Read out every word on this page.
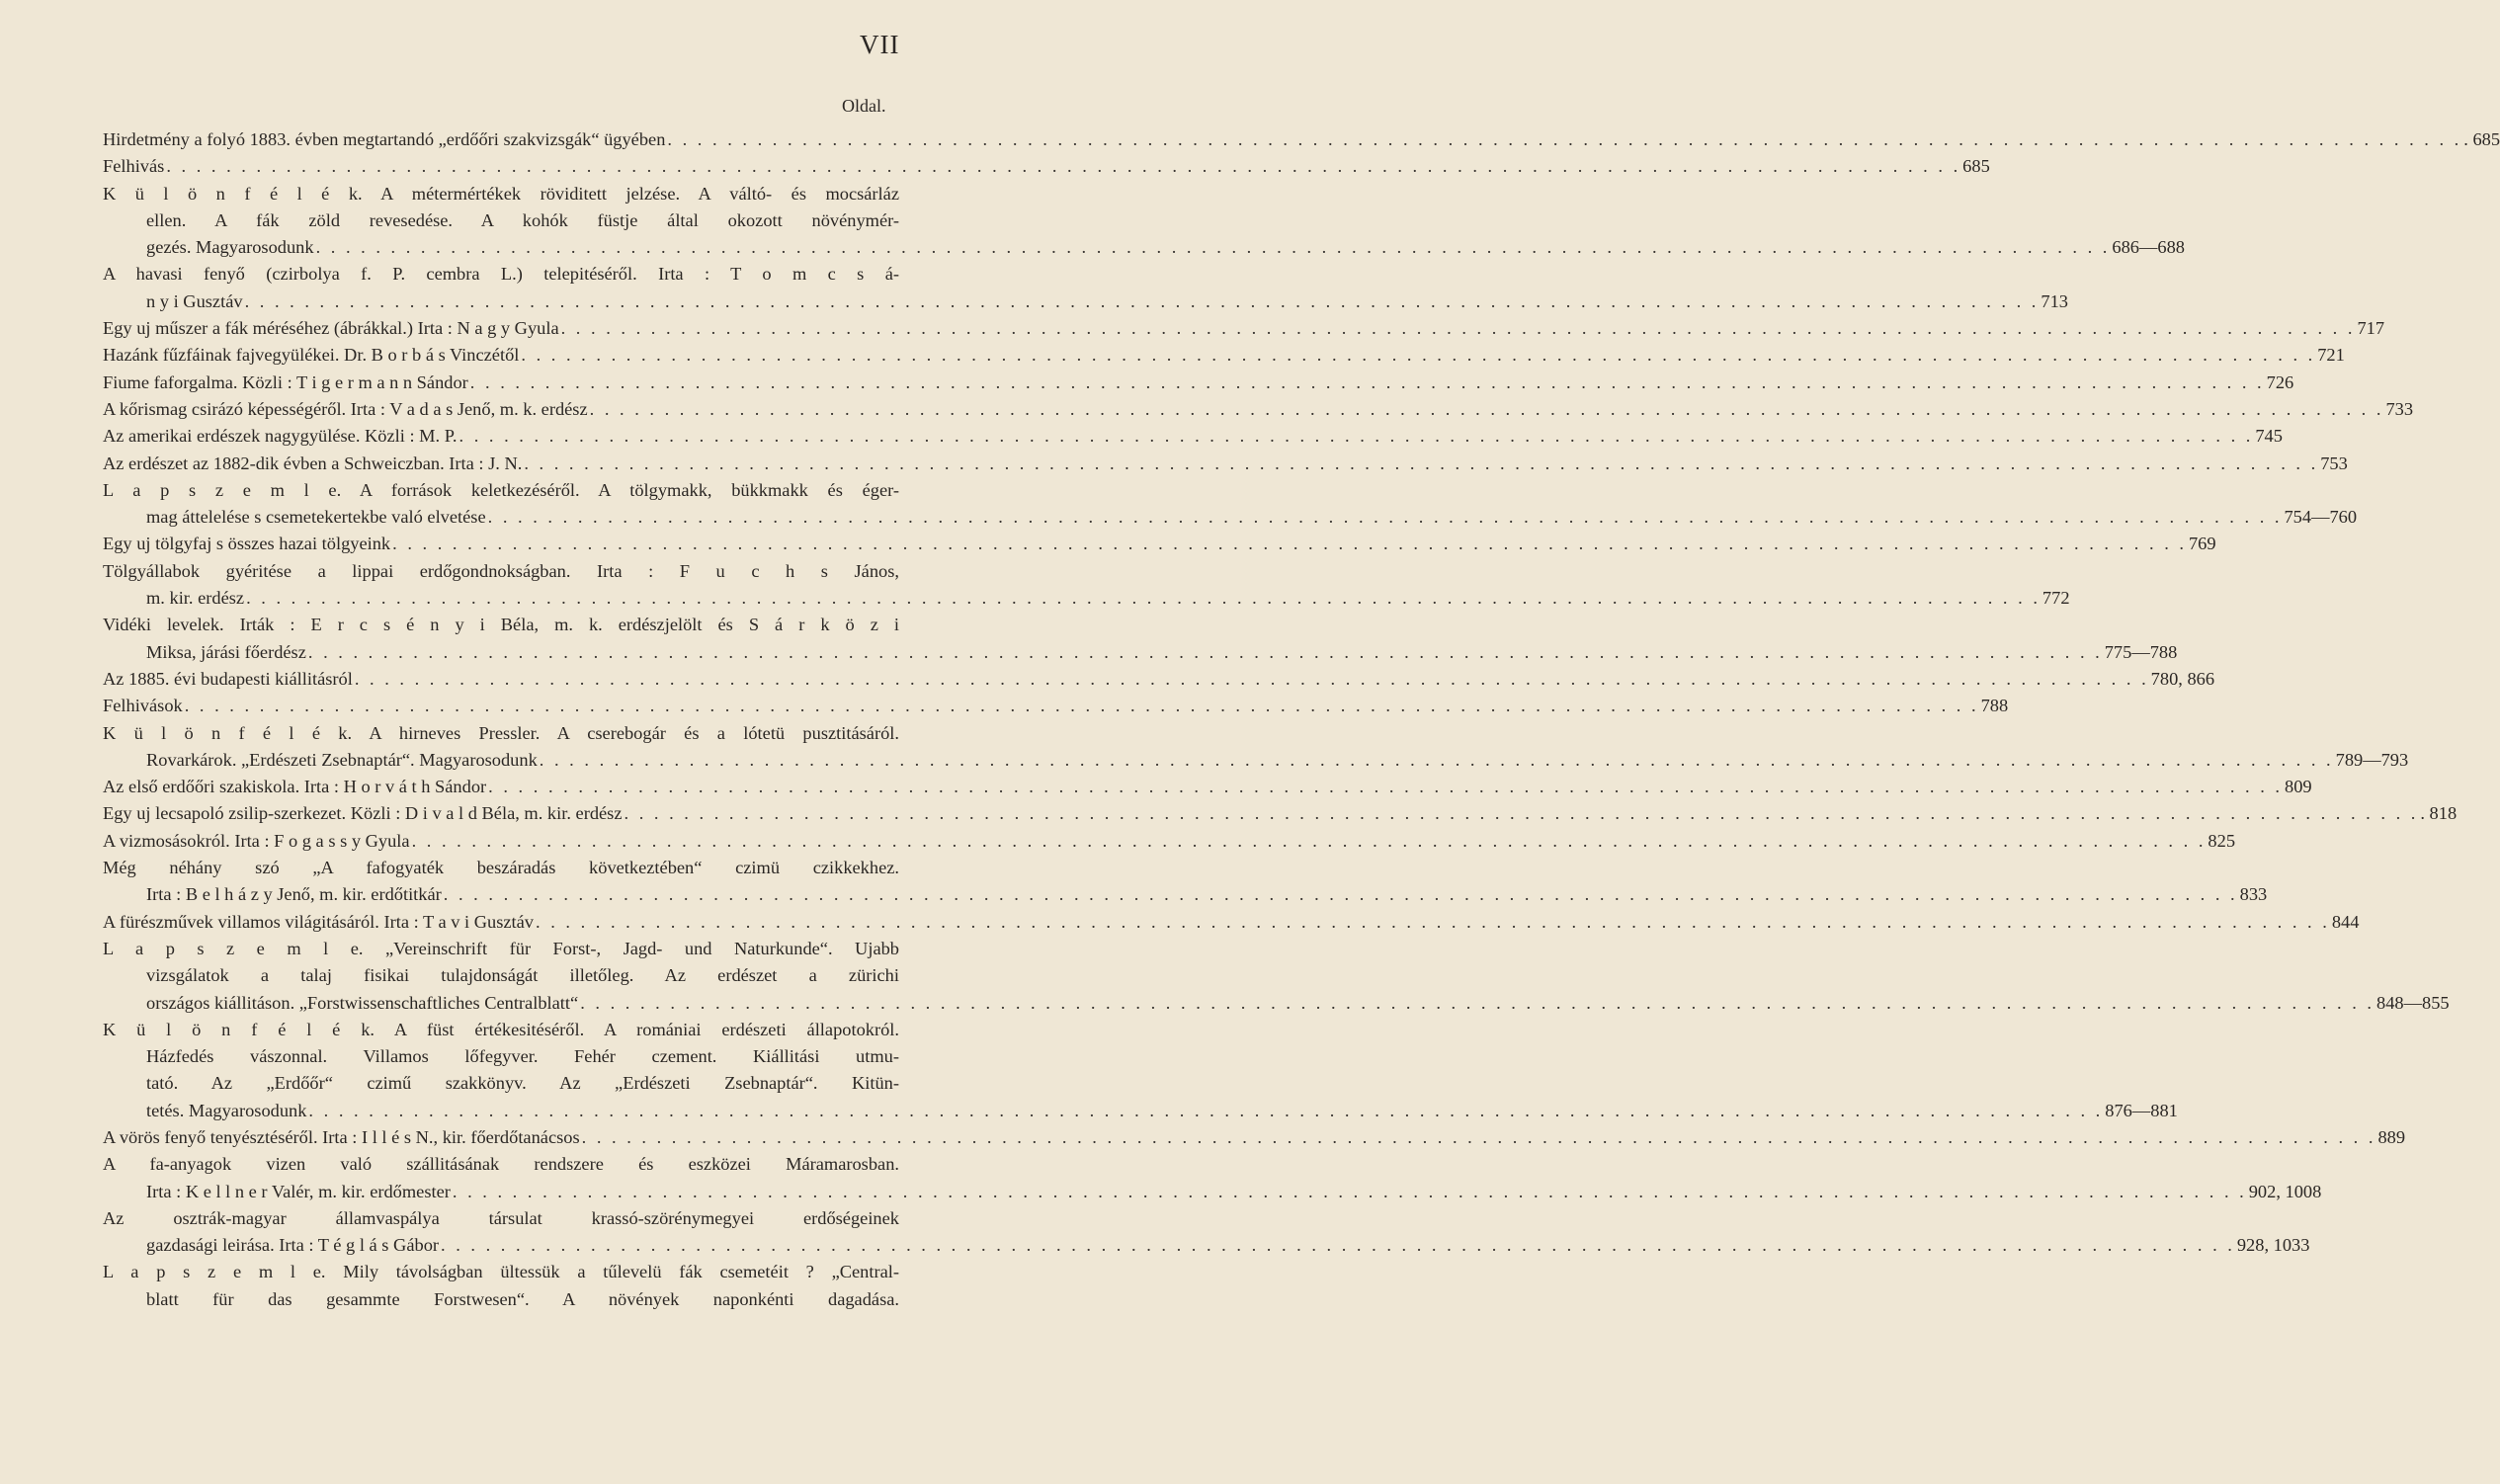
VII
Oldal.

Hirdetmény a folyó 1883. évben megtartandó „erdőőri szakvizsgák“ ügyében . . . . . . . . . . . . . . . . . . . . . . . . . . . . . . . . . . . . . . . . . . . . . . . . . . . . . . . . . . . . . . . . . . . . . . . . . . . . . . . . . . . . . . . . . . . . . . . . . . . . . . . . . . . . . . . . . . . . . . . . . 685

Felhivás . . . . . . . . . . . . . . . . . . . . . . . . . . . . . . . . . . . . . . . . . . . . . . . . . . . . . . . . . . . . . . . . . . . . . . . . . . . . . . . . . . . . . . . . . . . . . . . . . . . . . . . . . . . . . . . . . . . . . . . . 685

K ü l ö n f é l é k. A métermértékek röviditett jelzése. A váltó- és mocsárláz

ellen. A fák zöld revesedése. A kohók füstje által okozott növénymér-

gezés. Magyarosodunk . . . . . . . . . . . . . . . . . . . . . . . . . . . . . . . . . . . . . . . . . . . . . . . . . . . . . . . . . . . . . . . . . . . . . . . . . . . . . . . . . . . . . . . . . . . . . . . . . . . . . . . . . . . . . . . . . . . . . . . . 686—688

A havasi fenyő (czirbolya f. P. cembra L.) telepitéséről. Irta : T o m c s á-

n y i Gusztáv . . . . . . . . . . . . . . . . . . . . . . . . . . . . . . . . . . . . . . . . . . . . . . . . . . . . . . . . . . . . . . . . . . . . . . . . . . . . . . . . . . . . . . . . . . . . . . . . . . . . . . . . . . . . . . . . . . . . . . . . 713

Egy uj műszer a fák méréséhez (ábrákkal.) Irta : N a g y Gyula . . . . . . . . . . . . . . . . . . . . . . . . . . . . . . . . . . . . . . . . . . . . . . . . . . . . . . . . . . . . . . . . . . . . . . . . . . . . . . . . . . . . . . . . . . . . . . . . . . . . . . . . . . . . . . . . . . . . . . . . 717

Hazánk fűzfáinak fajvegyülékei. Dr. B o r b á s Vinczétől . . . . . . . . . . . . . . . . . . . . . . . . . . . . . . . . . . . . . . . . . . . . . . . . . . . . . . . . . . . . . . . . . . . . . . . . . . . . . . . . . . . . . . . . . . . . . . . . . . . . . . . . . . . . . . . . . . . . . . . . 721

Fiume faforgalma. Közli : T i g e r m a n n Sándor . . . . . . . . . . . . . . . . . . . . . . . . . . . . . . . . . . . . . . . . . . . . . . . . . . . . . . . . . . . . . . . . . . . . . . . . . . . . . . . . . . . . . . . . . . . . . . . . . . . . . . . . . . . . . . . . . . . . . . . . 726

A kőrismag csirázó képességéről. Irta : V a d a s Jenő, m. k. erdész . . . . . . . . . . . . . . . . . . . . . . . . . . . . . . . . . . . . . . . . . . . . . . . . . . . . . . . . . . . . . . . . . . . . . . . . . . . . . . . . . . . . . . . . . . . . . . . . . . . . . . . . . . . . . . . . . . . . . . . . 733

Az amerikai erdészek nagygyülése. Közli : M. P. . . . . . . . . . . . . . . . . . . . . . . . . . . . . . . . . . . . . . . . . . . . . . . . . . . . . . . . . . . . . . . . . . . . . . . . . . . . . . . . . . . . . . . . . . . . . . . . . . . . . . . . . . . . . . . . . . . . . . . . . 745

Az erdészet az 1882-dik évben a Schweiczban. Irta : J. N. . . . . . . . . . . . . . . . . . . . . . . . . . . . . . . . . . . . . . . . . . . . . . . . . . . . . . . . . . . . . . . . . . . . . . . . . . . . . . . . . . . . . . . . . . . . . . . . . . . . . . . . . . . . . . . . . . . . . . . . . 753

L a p s z e m l e. A források keletkezéséről. A tölgymakk, bükkmakk és éger-

mag áttelelése s csemetekertekbe való elvetése . . . . . . . . . . . . . . . . . . . . . . . . . . . . . . . . . . . . . . . . . . . . . . . . . . . . . . . . . . . . . . . . . . . . . . . . . . . . . . . . . . . . . . . . . . . . . . . . . . . . . . . . . . . . . . . . . . . . . . . . 754—760

Egy uj tölgyfaj s összes hazai tölgyeink . . . . . . . . . . . . . . . . . . . . . . . . . . . . . . . . . . . . . . . . . . . . . . . . . . . . . . . . . . . . . . . . . . . . . . . . . . . . . . . . . . . . . . . . . . . . . . . . . . . . . . . . . . . . . . . . . . . . . . . . 769

Tölgyállabok gyéritése a lippai erdőgondnokságban. Irta : F u c h s János,

m. kir. erdész . . . . . . . . . . . . . . . . . . . . . . . . . . . . . . . . . . . . . . . . . . . . . . . . . . . . . . . . . . . . . . . . . . . . . . . . . . . . . . . . . . . . . . . . . . . . . . . . . . . . . . . . . . . . . . . . . . . . . . . . 772

Vidéki levelek. Irták : E r c s é n y i Béla, m. k. erdészjelölt és S á r k ö z i

Miksa, járási főerdész . . . . . . . . . . . . . . . . . . . . . . . . . . . . . . . . . . . . . . . . . . . . . . . . . . . . . . . . . . . . . . . . . . . . . . . . . . . . . . . . . . . . . . . . . . . . . . . . . . . . . . . . . . . . . . . . . . . . . . . . 775—788

Az 1885. évi budapesti kiállitásról . . . . . . . . . . . . . . . . . . . . . . . . . . . . . . . . . . . . . . . . . . . . . . . . . . . . . . . . . . . . . . . . . . . . . . . . . . . . . . . . . . . . . . . . . . . . . . . . . . . . . . . . . . . . . . . . . . . . . . . . 780, 866

Felhivások . . . . . . . . . . . . . . . . . . . . . . . . . . . . . . . . . . . . . . . . . . . . . . . . . . . . . . . . . . . . . . . . . . . . . . . . . . . . . . . . . . . . . . . . . . . . . . . . . . . . . . . . . . . . . . . . . . . . . . . . 788

K ü l ö n f é l é k. A hirneves Pressler. A cserebogár és a lótetü pusztitásáról.

Rovarkárok. „Erdészeti Zsebnaptár“. Magyarosodunk . . . . . . . . . . . . . . . . . . . . . . . . . . . . . . . . . . . . . . . . . . . . . . . . . . . . . . . . . . . . . . . . . . . . . . . . . . . . . . . . . . . . . . . . . . . . . . . . . . . . . . . . . . . . . . . . . . . . . . . . 789—793

Az első erdőőri szakiskola. Irta : H o r v á t h Sándor . . . . . . . . . . . . . . . . . . . . . . . . . . . . . . . . . . . . . . . . . . . . . . . . . . . . . . . . . . . . . . . . . . . . . . . . . . . . . . . . . . . . . . . . . . . . . . . . . . . . . . . . . . . . . . . . . . . . . . . . 809

Egy uj lecsapoló zsilip-szerkezet. Közli : D i v a l d Béla, m. kir. erdész . . . . . . . . . . . . . . . . . . . . . . . . . . . . . . . . . . . . . . . . . . . . . . . . . . . . . . . . . . . . . . . . . . . . . . . . . . . . . . . . . . . . . . . . . . . . . . . . . . . . . . . . . . . . . . . . . . . . . . . . . 818

A vizmosásokról. Irta : F o g a s s y Gyula . . . . . . . . . . . . . . . . . . . . . . . . . . . . . . . . . . . . . . . . . . . . . . . . . . . . . . . . . . . . . . . . . . . . . . . . . . . . . . . . . . . . . . . . . . . . . . . . . . . . . . . . . . . . . . . . . . . . . . . . 825

Még néhány szó „A fafogyaték beszáradás következtében“ czimü czikkekhez.

Irta : B e l h á z y Jenő, m. kir. erdőtitkár . . . . . . . . . . . . . . . . . . . . . . . . . . . . . . . . . . . . . . . . . . . . . . . . . . . . . . . . . . . . . . . . . . . . . . . . . . . . . . . . . . . . . . . . . . . . . . . . . . . . . . . . . . . . . . . . . . . . . . . . 833

A fürészművek villamos világitásáról. Irta : T a v i Gusztáv . . . . . . . . . . . . . . . . . . . . . . . . . . . . . . . . . . . . . . . . . . . . . . . . . . . . . . . . . . . . . . . . . . . . . . . . . . . . . . . . . . . . . . . . . . . . . . . . . . . . . . . . . . . . . . . . . . . . . . . . 844

L a p s z e m l e. „Vereinschrift für Forst-, Jagd- und Naturkunde“. Ujabb

vizsgálatok a talaj fisikai tulajdonságát illetőleg. Az erdészet a zürichi

országos kiállitáson. „Forstwissenschaftliches Centralblatt“ . . . . . . . . . . . . . . . . . . . . . . . . . . . . . . . . . . . . . . . . . . . . . . . . . . . . . . . . . . . . . . . . . . . . . . . . . . . . . . . . . . . . . . . . . . . . . . . . . . . . . . . . . . . . . . . . . . . . . . . . 848—855

K ü l ö n f é l é k. A füst értékesitéséről. A romániai erdészeti állapotokról.

Házfedés vászonnal. Villamos lőfegyver. Fehér czement. Kiállitási utmu-

tató. Az „Erdőőr“ czimű szakkönyv. Az „Erdészeti Zsebnaptár“. Kitün-

tetés. Magyarosodunk . . . . . . . . . . . . . . . . . . . . . . . . . . . . . . . . . . . . . . . . . . . . . . . . . . . . . . . . . . . . . . . . . . . . . . . . . . . . . . . . . . . . . . . . . . . . . . . . . . . . . . . . . . . . . . . . . . . . . . . . 876—881

A vörös fenyő tenyésztéséről. Irta : I l l é s N., kir. főerdőtanácsos . . . . . . . . . . . . . . . . . . . . . . . . . . . . . . . . . . . . . . . . . . . . . . . . . . . . . . . . . . . . . . . . . . . . . . . . . . . . . . . . . . . . . . . . . . . . . . . . . . . . . . . . . . . . . . . . . . . . . . . . 889

A fa-anyagok vizen való szállitásának rendszere és eszközei Máramarosban.

Irta : K e l l n e r Valér, m. kir. erdőmester . . . . . . . . . . . . . . . . . . . . . . . . . . . . . . . . . . . . . . . . . . . . . . . . . . . . . . . . . . . . . . . . . . . . . . . . . . . . . . . . . . . . . . . . . . . . . . . . . . . . . . . . . . . . . . . . . . . . . . . . 902, 1008

Az osztrák-magyar államvaspálya társulat krassó-szörénymegyei erdőségeinek

gazdasági leirása. Irta : T é g l á s Gábor . . . . . . . . . . . . . . . . . . . . . . . . . . . . . . . . . . . . . . . . . . . . . . . . . . . . . . . . . . . . . . . . . . . . . . . . . . . . . . . . . . . . . . . . . . . . . . . . . . . . . . . . . . . . . . . . . . . . . . . . 928, 1033

L a p s z e m l e. Mily távolságban ültessük a tűlevelü fák csemetéit ? „Central-

blatt für das gesammte Forstwesen“. A növények naponkénti dagadása.
